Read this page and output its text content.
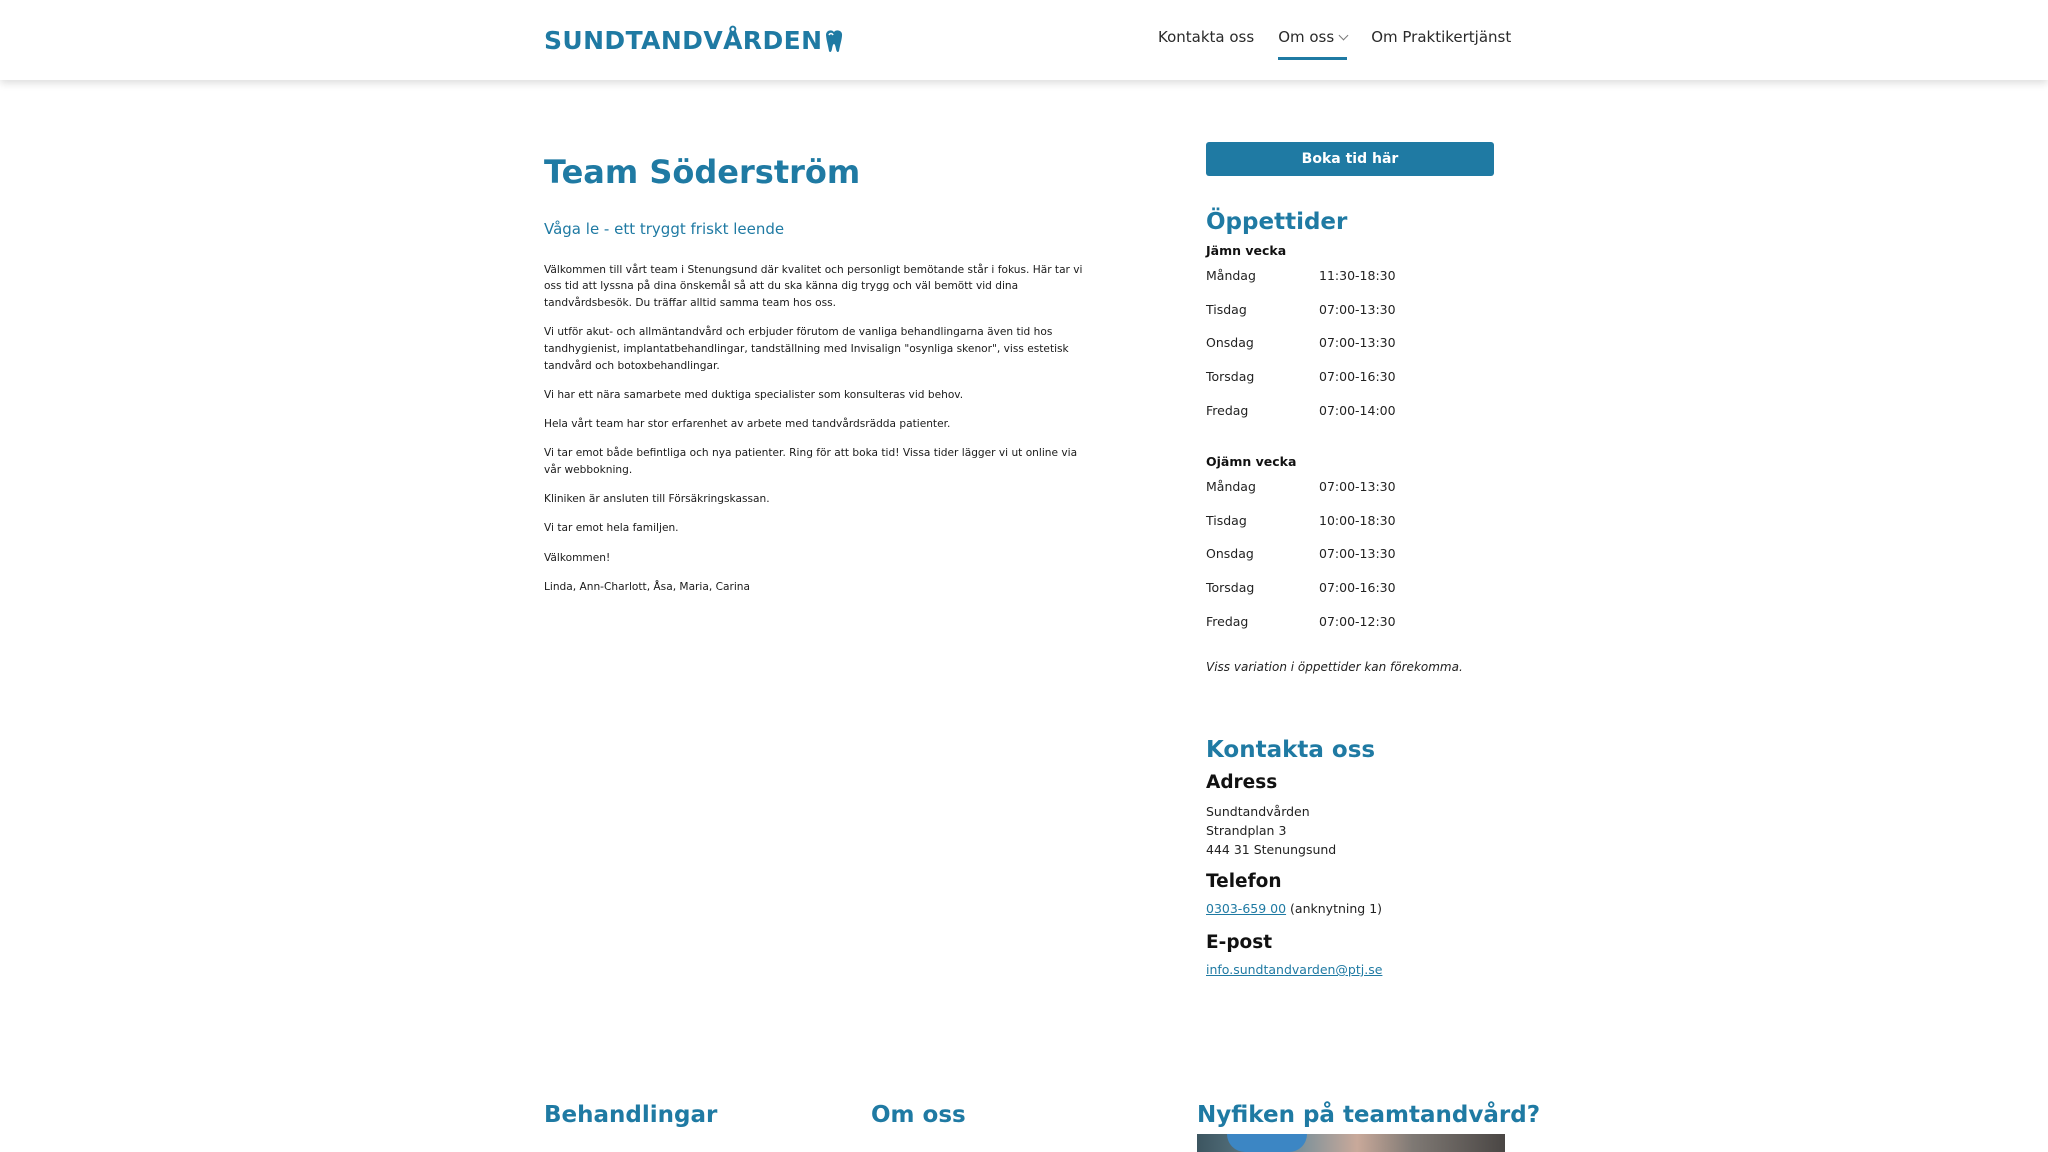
SUNDTANDVÅRDEN	Kontakta oss Om oss	Om Praktikertjänst
Team Söderström
Våga le - ett tryggt friskt leende

Välkommen till vårt team i Stenungsund där kvalitet och personligt bemötande står i fokus. Här tar vi oss tid att lyssna på dina önskemål så att du ska känna dig trygg och väl bemött vid dina tandvårdsbesök. Du träffar alltid samma team hos oss.

Vi utför akut- och allmäntandvård och erbjuder förutom de vanliga behandlingarna även tid hos tandhygienist, implantatbehandlingar, tandställning med Invisalign "osynliga skenor", viss estetisk tandvård och botoxbehandlingar.

Vi har ett nära samarbete med duktiga specialister som konsulteras vid behov.

Hela vårt team har stor erfarenhet av arbete med tandvårdsrädda patienter.

Vi tar emot både befintliga och nya patienter. Ring för att boka tid! Vissa tider lägger vi ut online via vår webbokning.

Kliniken är ansluten till Försäkringskassan.

Vi tar emot hela familjen.

Välkommen!

Linda, Ann-Charlott, Åsa, Maria, Carina

Boka tid här
Öppettider
Jämn vecka
Måndag	11:30-18:30
Tisdag	07:00-13:30
Onsdag	07:00-13:30
Torsdag	07:00-16:30
Fredag	07:00-14:00
Ojämn vecka
Måndag	07:00-13:30
Tisdag	10:00-18:30
Onsdag	07:00-13:30
Torsdag	07:00-16:30
Fredag	07:00-12:30
Viss variation i öppettider kan förekomma.
Kontakta oss
Adress
Sundtandvården
Strandplan 3
444 31 Stenungsund
Telefon
0303-659 00 (anknytning 1)
E-post
info.sundtandvarden@ptj.se
Behandlingar	Om oss	Nyfiken på teamtandvård?
